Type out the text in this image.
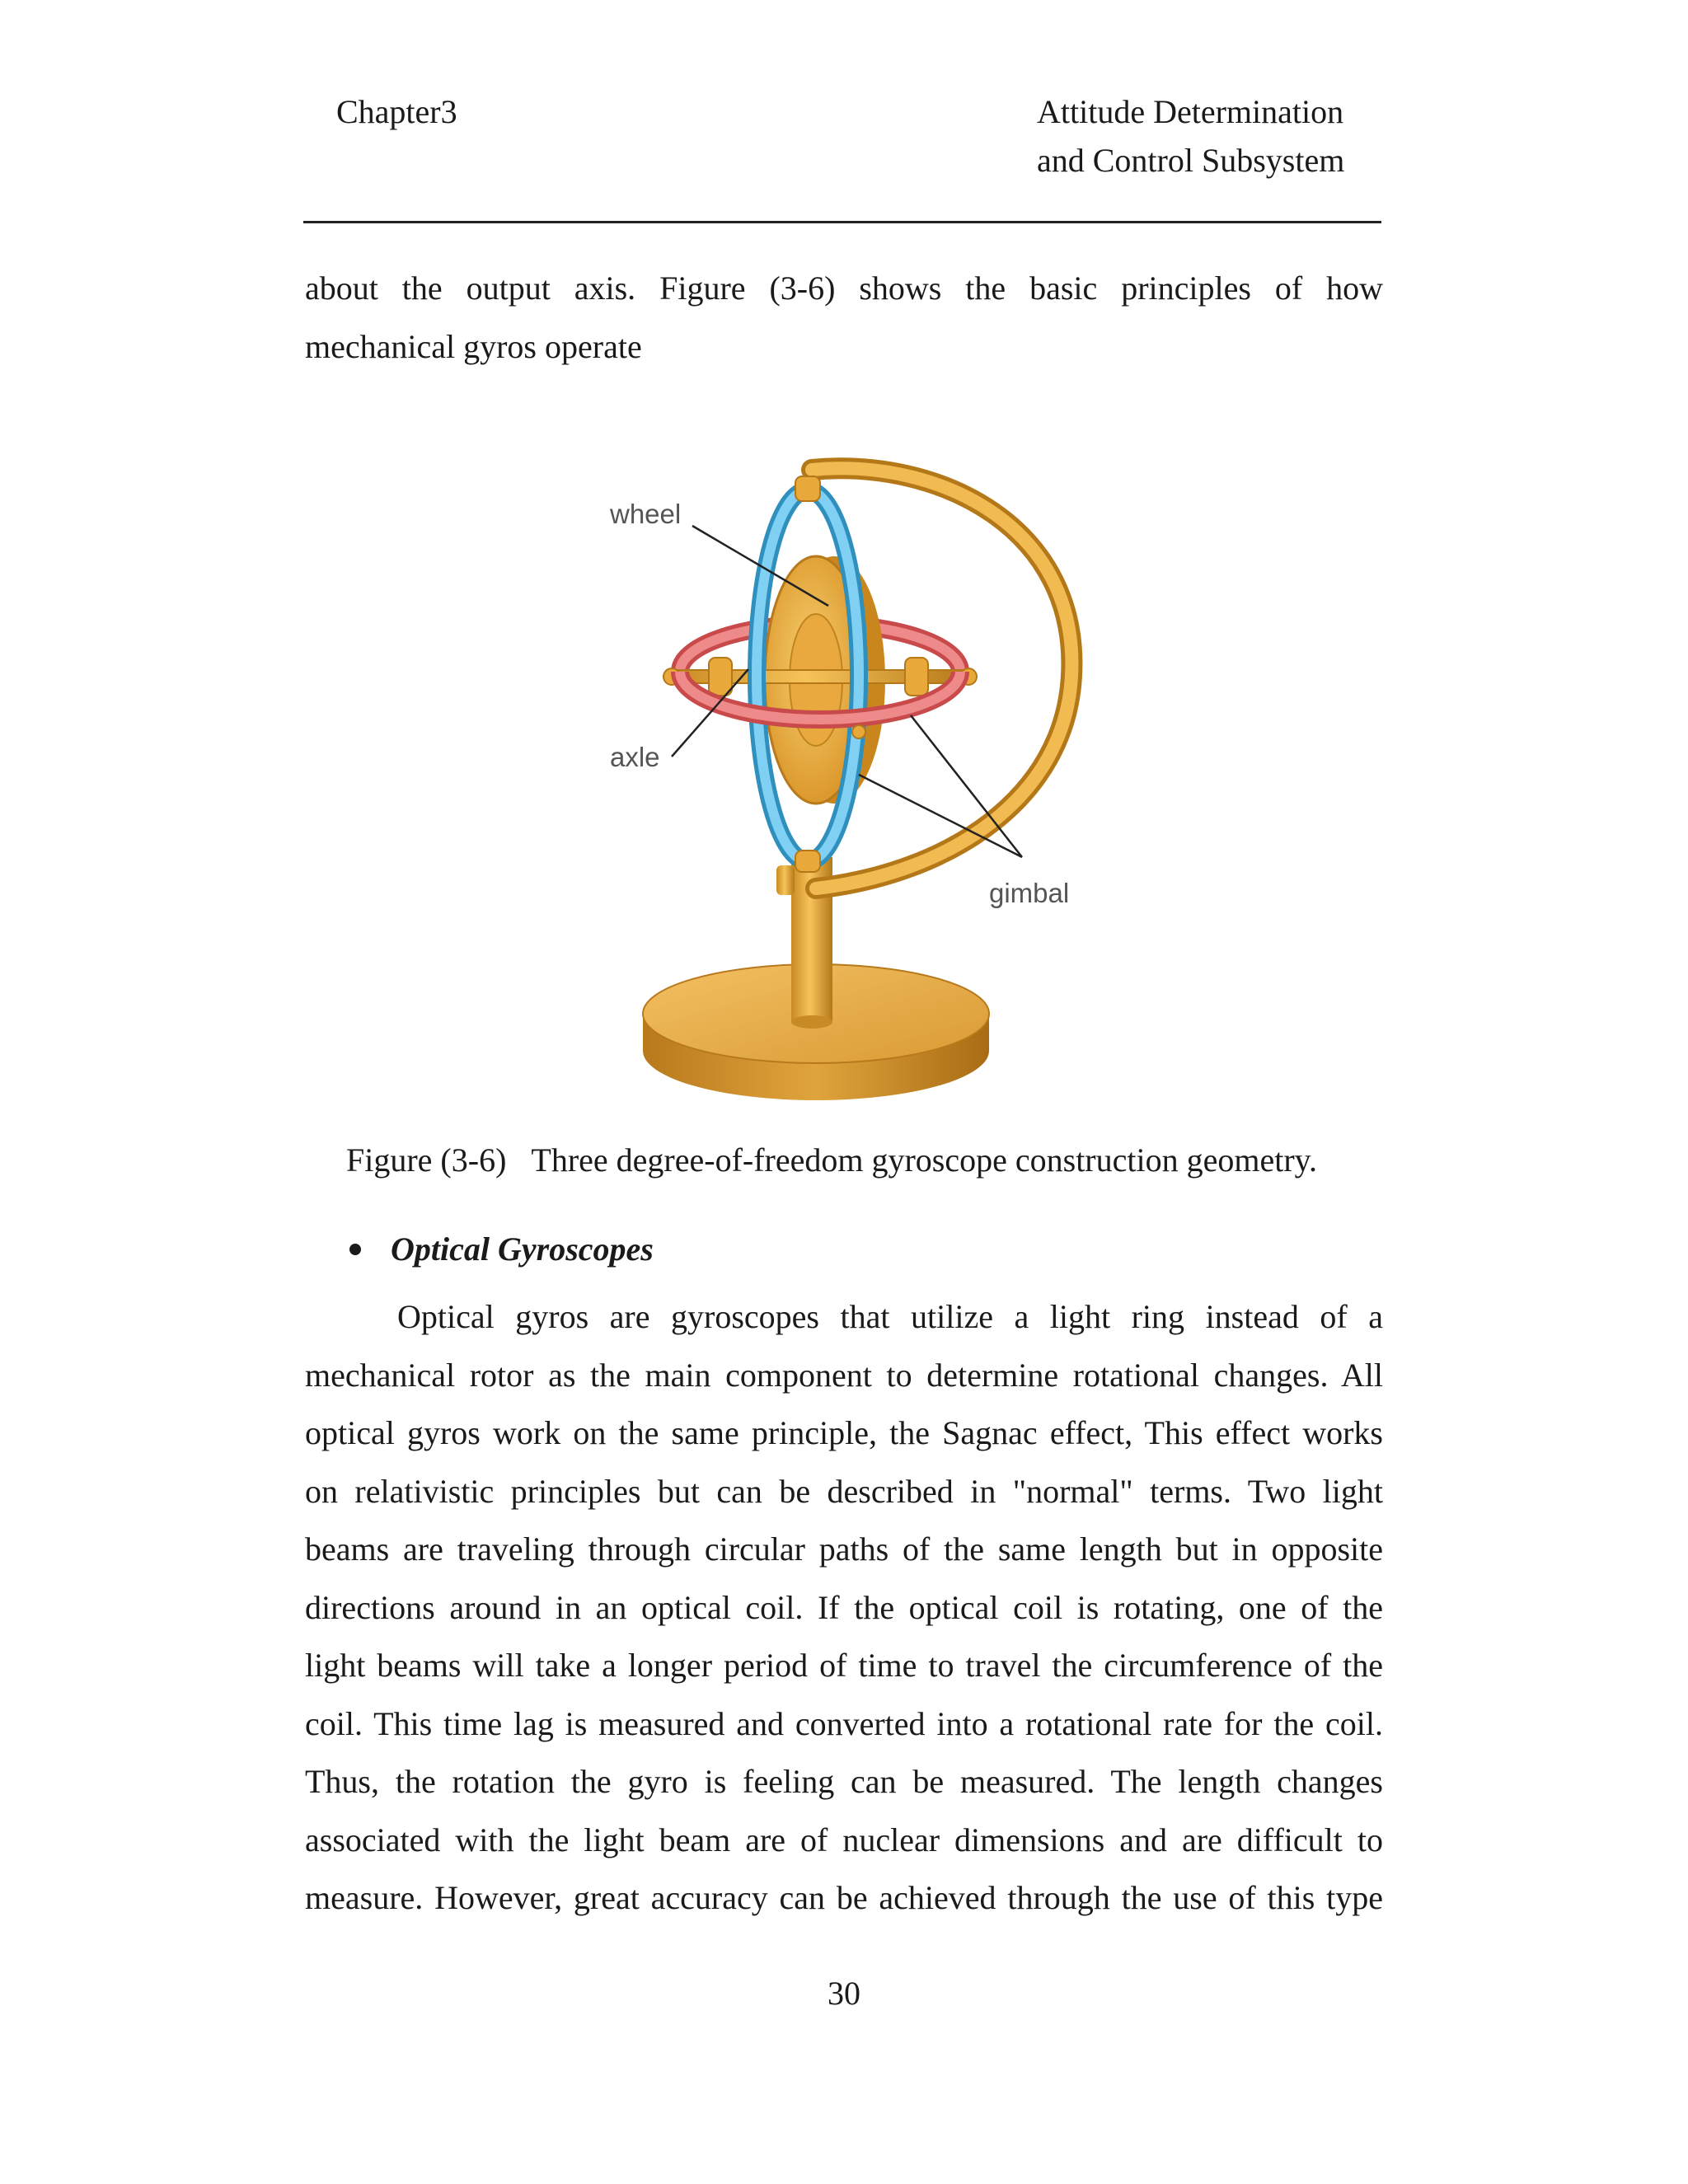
Chapter3	Attitude Determination
and Control Subsystem
about the output axis. Figure (3-6) shows the basic principles of how
mechanical gyros operate
wheel
axle
gimbal
Figure (3-6) Three degree-of-freedom gyroscope construction geometry.
Optical Gyroscopes
Optical gyros are gyroscopes that utilize a light ring instead of a
mechanical rotor as the main component to determine rotational changes. All
optical gyros work on the same principle, the Sagnac effect, This effect works
on relativistic principles but can be described in "normal" terms. Two light
beams are traveling through circular paths of the same length but in opposite
directions around in an optical coil. If the optical coil is rotating, one of the
light beams will take a longer period of time to travel the circumference of the
coil. This time lag is measured and converted into a rotational rate for the coil.
Thus, the rotation the gyro is feeling can be measured. The length changes
associated with the light beam are of nuclear dimensions and are difficult to
measure. However, great accuracy can be achieved through the use of this type
30
